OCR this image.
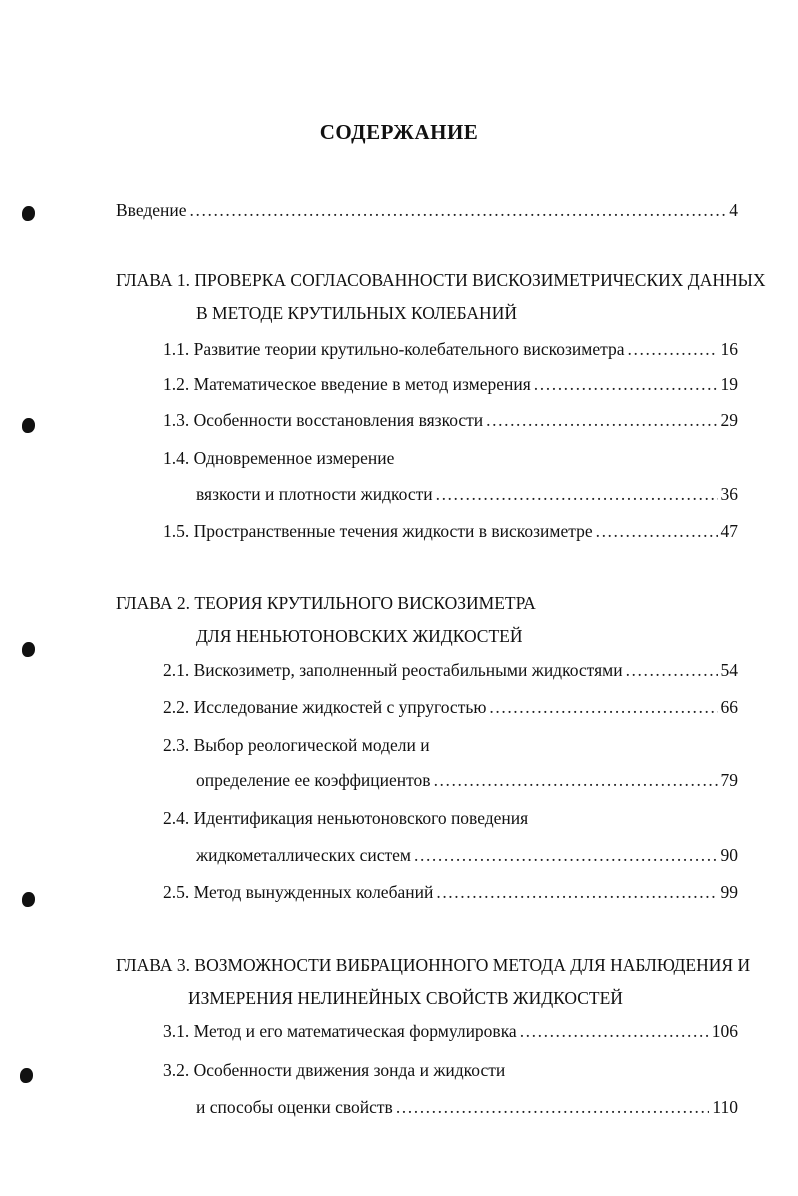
СОДЕРЖАНИЕ
Введение .....	4
ГЛАВА 1. ПРОВЕРКА СОГЛАСОВАННОСТИ ВИСКОЗИМЕТРИЧЕСКИХ ДАННЫХ
В МЕТОДЕ КРУТИЛЬНЫХ КОЛЕБАНИЙ
1.1. Развитие теории крутильно-колебательного вискозиметра .....	16
1.2. Математическое введение в метод измерения .....	19
1.3. Особенности восстановления вязкости .....	29
1.4. Одновременное измерение
вязкости и плотности жидкости .....	36
1.5. Пространственные течения жидкости в вискозиметре .....	47
ГЛАВА 2. ТЕОРИЯ КРУТИЛЬНОГО ВИСКОЗИМЕТРА
ДЛЯ НЕНЬЮТОНОВСКИХ ЖИДКОСТЕЙ
2.1. Вискозиметр, заполненный реостабильными жидкостями .....	54
2.2. Исследование жидкостей с упругостью .....	66
2.3. Выбор реологической модели и
определение ее коэффициентов .....	79
2.4. Идентификация неньютоновского поведения
жидкометаллических систем .....	90
2.5. Метод вынужденных колебаний .....	99
ГЛАВА 3. ВОЗМОЖНОСТИ ВИБРАЦИОННОГО МЕТОДА ДЛЯ НАБЛЮДЕНИЯ И
ИЗМЕРЕНИЯ НЕЛИНЕЙНЫХ СВОЙСТВ ЖИДКОСТЕЙ
3.1. Метод и его математическая формулировка .....	106
3.2. Особенности движения зонда и жидкости
и способы оценки свойств .....	110
